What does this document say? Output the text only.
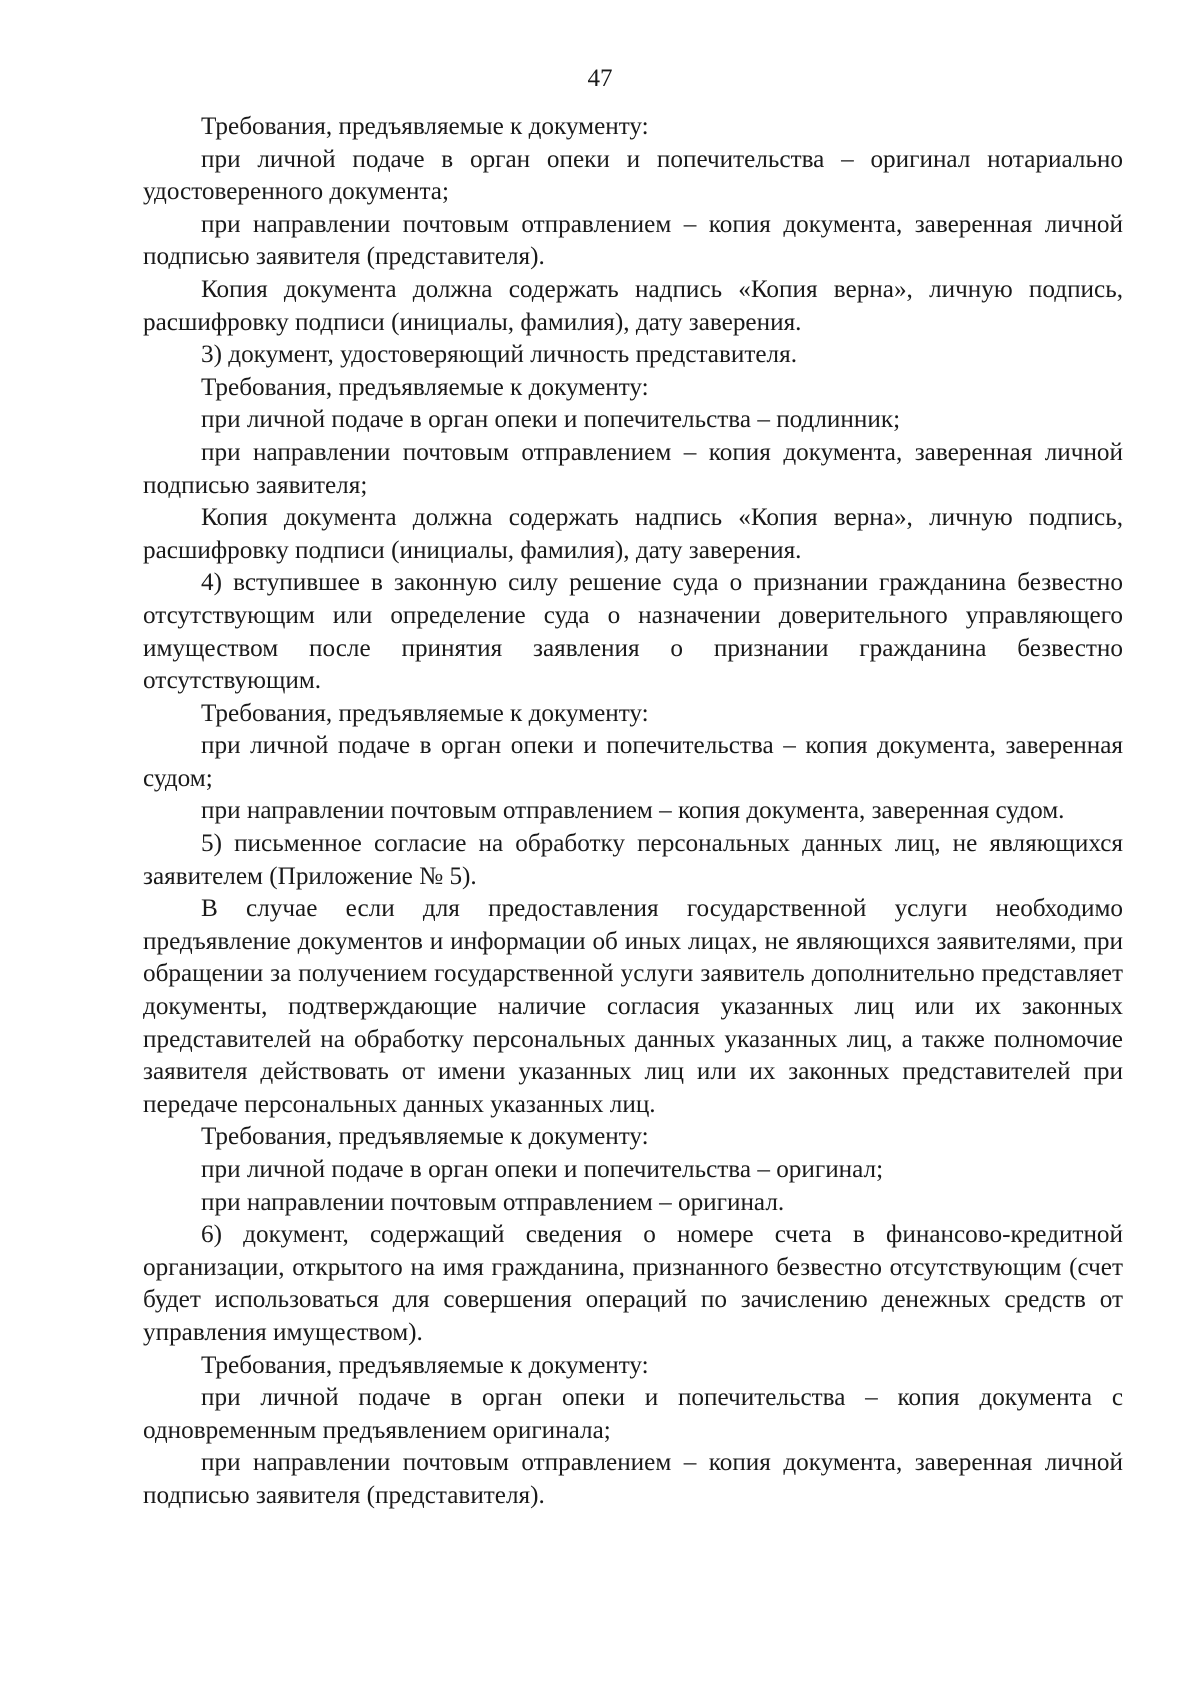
47

Требования, предъявляемые к документу:

при личной подаче в орган опеки и попечительства – оригинал нотариально удостоверенного документа;

при направлении почтовым отправлением – копия документа, заверенная личной подписью заявителя (представителя).

Копия документа должна содержать надпись «Копия верна», личную подпись, расшифровку подписи (инициалы, фамилия), дату заверения.

3) документ, удостоверяющий личность представителя.

Требования, предъявляемые к документу:

при личной подаче в орган опеки и попечительства – подлинник;

при направлении почтовым отправлением – копия документа, заверенная личной подписью заявителя;

Копия документа должна содержать надпись «Копия верна», личную подпись, расшифровку подписи (инициалы, фамилия), дату заверения.

4) вступившее в законную силу решение суда о признании гражданина безвестно отсутствующим или определение суда о назначении доверительного управляющего имуществом после принятия заявления о признании гражданина безвестно отсутствующим.

Требования, предъявляемые к документу:

при личной подаче в орган опеки и попечительства – копия документа, заверенная судом;

при направлении почтовым отправлением – копия документа, заверенная судом.

5) письменное согласие на обработку персональных данных лиц, не являющихся заявителем (Приложение № 5).

В случае если для предоставления государственной услуги необходимо предъявление документов и информации об иных лицах, не являющихся заявителями, при обращении за получением государственной услуги заявитель дополнительно представляет документы, подтверждающие наличие согласия указанных лиц или их законных представителей на обработку персональных данных указанных лиц, а также полномочие заявителя действовать от имени указанных лиц или их законных представителей при передаче персональных данных указанных лиц.

Требования, предъявляемые к документу:

при личной подаче в орган опеки и попечительства – оригинал;

при направлении почтовым отправлением – оригинал.

6) документ, содержащий сведения о номере счета в финансово-кредитной организации, открытого на имя гражданина, признанного безвестно отсутствующим (счет будет использоваться для совершения операций по зачислению денежных средств от управления имуществом).

Требования, предъявляемые к документу:

при личной подаче в орган опеки и попечительства – копия документа с одновременным предъявлением оригинала;

при направлении почтовым отправлением – копия документа, заверенная личной подписью заявителя (представителя).
